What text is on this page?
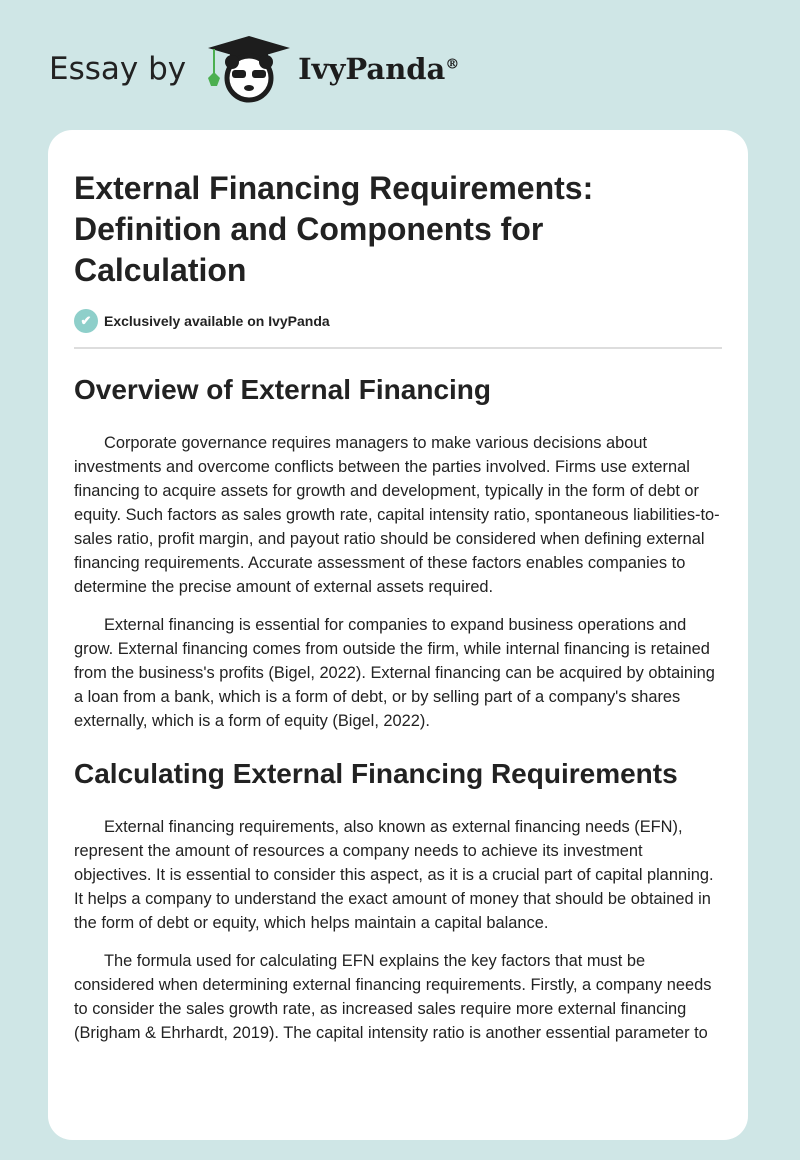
Essay by	IvyPanda®
External Financing Requirements: Definition and Components for Calculation
✔ Exclusively available on IvyPanda
Overview of External Financing

Corporate governance requires managers to make various decisions about investments and overcome conflicts between the parties involved. Firms use external financing to acquire assets for growth and development, typically in the form of debt or equity. Such factors as sales growth rate, capital intensity ratio, spontaneous liabilities-to-sales ratio, profit margin, and payout ratio should be considered when defining external financing requirements. Accurate assessment of these factors enables companies to determine the precise amount of external assets required.

External financing is essential for companies to expand business operations and grow. External financing comes from outside the firm, while internal financing is retained from the business's profits (Bigel, 2022). External financing can be acquired by obtaining a loan from a bank, which is a form of debt, or by selling part of a company's shares externally, which is a form of equity (Bigel, 2022).

Calculating External Financing Requirements

External financing requirements, also known as external financing needs (EFN), represent the amount of resources a company needs to achieve its investment objectives. It is essential to consider this aspect, as it is a crucial part of capital planning. It helps a company to understand the exact amount of money that should be obtained in the form of debt or equity, which helps maintain a capital balance.

The formula used for calculating EFN explains the key factors that must be considered when determining external financing requirements. Firstly, a company needs to consider the sales growth rate, as increased sales require more external financing (Brigham & Ehrhardt, 2019). The capital intensity ratio is another essential parameter to
